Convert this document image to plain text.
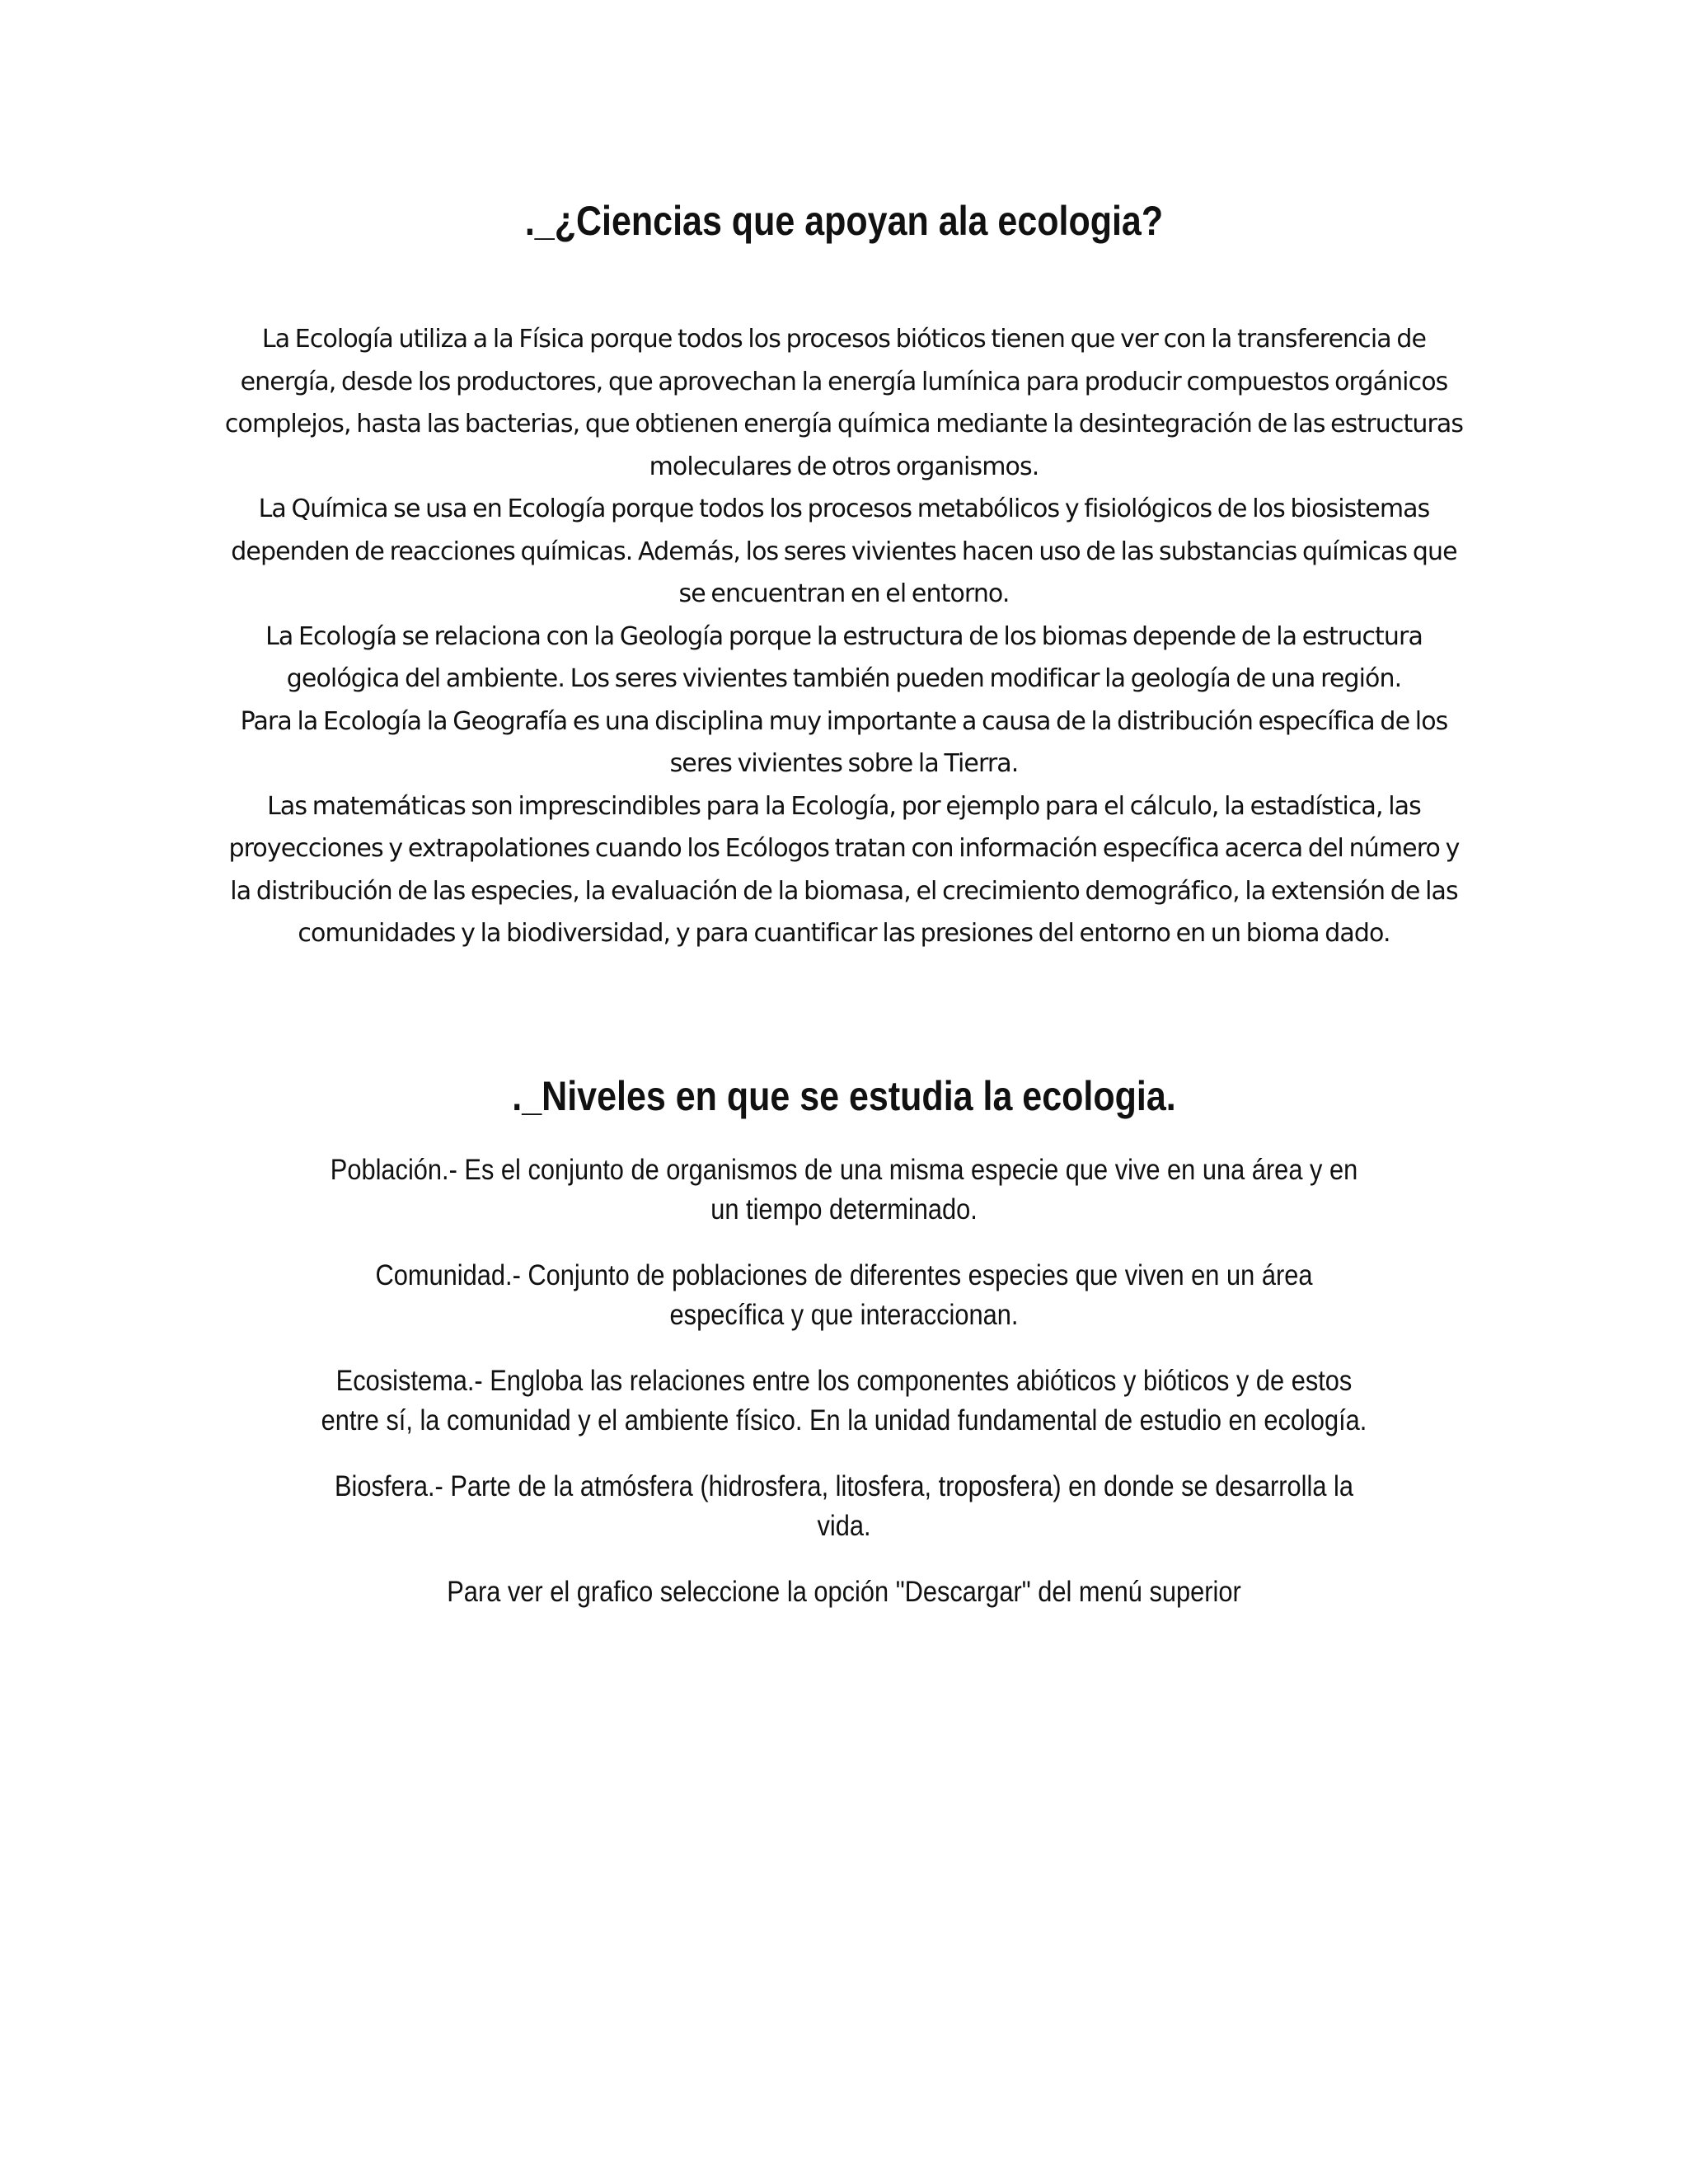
._¿Ciencias que apoyan ala ecologia?

La Ecología utiliza a la Física porque todos los procesos bióticos tienen que ver con la transferencia de energía, desde los productores, que aprovechan la energía lumínica para producir compuestos orgánicos complejos, hasta las bacterias, que obtienen energía química mediante la desintegración de las estructuras moleculares de otros organismos.

La Química se usa en Ecología porque todos los procesos metabólicos y fisiológicos de los biosistemas dependen de reacciones químicas. Además, los seres vivientes hacen uso de las substancias químicas que se encuentran en el entorno.

La Ecología se relaciona con la Geología porque la estructura de los biomas depende de la estructura geológica del ambiente. Los seres vivientes también pueden modificar la geología de una región.

Para la Ecología la Geografía es una disciplina muy importante a causa de la distribución específica de los seres vivientes sobre la Tierra.

Las matemáticas son imprescindibles para la Ecología, por ejemplo para el cálculo, la estadística, las proyecciones y extrapolationes cuando los Ecólogos tratan con información específica acerca del número y la distribución de las especies, la evaluación de la biomasa, el crecimiento demográfico, la extensión de las comunidades y la biodiversidad, y para cuantificar las presiones del entorno en un bioma dado.

._Niveles en que se estudia la ecologia.

Población.- Es el conjunto de organismos de una misma especie que vive en una área y en un tiempo determinado.

Comunidad.- Conjunto de poblaciones de diferentes especies que viven en un área específica y que interaccionan.

Ecosistema.- Engloba las relaciones entre los componentes abióticos y bióticos y de estos entre sí, la comunidad y el ambiente físico. En la unidad fundamental de estudio en ecología.

Biosfera.- Parte de la atmósfera (hidrosfera, litosfera, troposfera) en donde se desarrolla la vida.

Para ver el grafico seleccione la opción "Descargar" del menú superior
